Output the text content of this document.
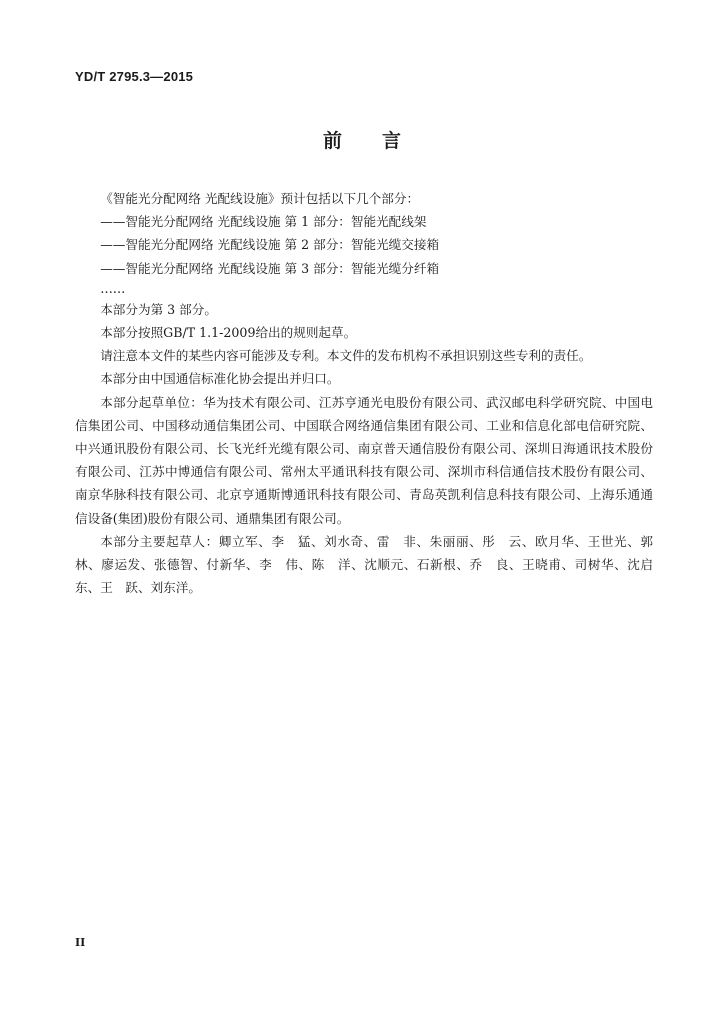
YD/T 2795.3—2015

前言

《智能光分配网络 光配线设施》预计包括以下几个部分：

——智能光分配网络 光配线设施 第 1 部分：智能光配线架

——智能光分配网络 光配线设施 第 2 部分：智能光缆交接箱

——智能光分配网络 光配线设施 第 3 部分：智能光缆分纤箱

……

本部分为第 3 部分。

本部分按照GB/T 1.1-2009给出的规则起草。

请注意本文件的某些内容可能涉及专利。本文件的发布机构不承担识别这些专利的责任。

本部分由中国通信标准化协会提出并归口。

本部分起草单位：华为技术有限公司、江苏亨通光电股份有限公司、武汉邮电科学研究院、中国电信集团公司、中国移动通信集团公司、中国联合网络通信集团有限公司、工业和信息化部电信研究院、中兴通讯股份有限公司、长飞光纤光缆有限公司、南京普天通信股份有限公司、深圳日海通讯技术股份有限公司、江苏中博通信有限公司、常州太平通讯科技有限公司、深圳市科信通信技术股份有限公司、南京华脉科技有限公司、北京亨通斯博通讯科技有限公司、青岛英凯利信息科技有限公司、上海乐通通信设备(集团)股份有限公司、通鼎集团有限公司。

本部分主要起草人：卿立军、李　猛、刘水奇、雷　非、朱丽丽、彤　云、欧月华、王世光、郭　林、廖运发、张德智、付新华、李　伟、陈　洋、沈顺元、石新根、乔　良、王晓甫、司树华、沈启东、王　跃、刘东洋。

II
